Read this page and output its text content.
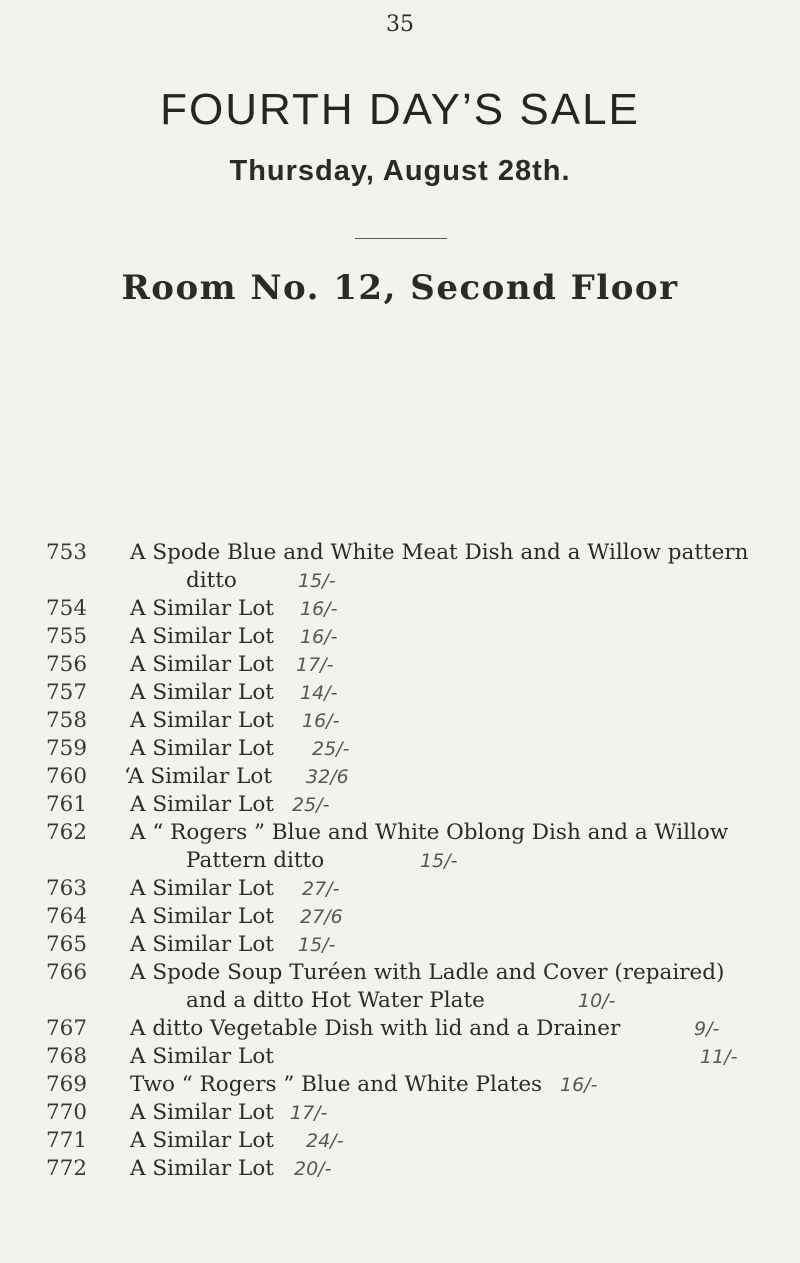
35
FOURTH DAY’S SALE
Thursday, August 28th.
Room No. 12, Second Floor
753	A Spode Blue and White Meat Dish and a Willow pattern
ditto	15/-
754	A Similar Lot 16/-
755	A Similar Lot 16/-
756	A Similar Lot 17/-
757	A Similar Lot 14/-
758	A Similar Lot 16/-
759	A Similar Lot 25/-
760	‘A Similar Lot 32/6
761	A Similar Lot 25/-
762	A “ Rogers ” Blue and White Oblong Dish and a Willow
Pattern ditto	15/-
763	A Similar Lot 27/-
764	A Similar Lot 27/6
765	A Similar Lot 15/-
766	A Spode Soup Turéen with Ladle and Cover (repaired)
and a ditto Hot Water Plate	10/-
767	A ditto Vegetable Dish with lid and a Drainer	9/-
768	A Similar Lot	11/-
769	Two “ Rogers ” Blue and White Plates 16/-
770	A Similar Lot 17/-
771	A Similar Lot 24/-
772	A Similar Lot 20/-
